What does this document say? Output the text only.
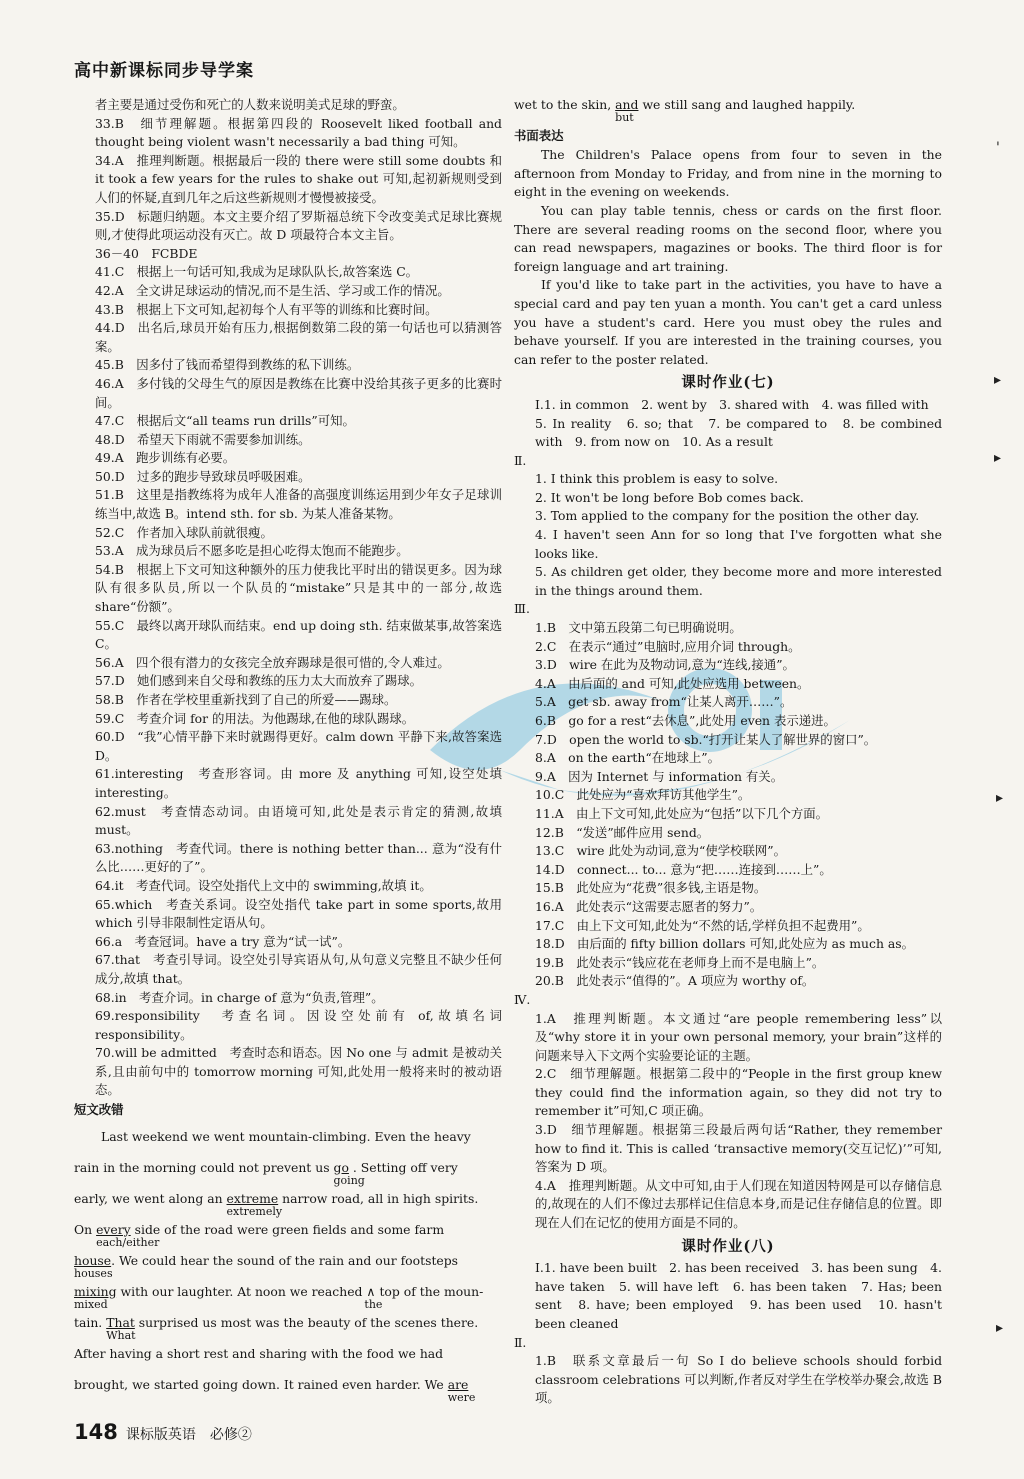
高中新课标同步导学案

者主要是通过受伤和死亡的人数来说明美式足球的野蛮。

33.B　细节理解题。根据第四段的 Roosevelt liked football and thought being violent wasn't necessarily a bad thing 可知。

34.A　推理判断题。根据最后一段的 there were still some doubts 和 it took a few years for the rules to shake out 可知,起初新规则受到人们的怀疑,直到几年之后这些新规则才慢慢被接受。

35.D　标题归纳题。本文主要介绍了罗斯福总统下令改变美式足球比赛规则,才使得此项运动没有灭亡。故 D 项最符合本文主旨。

36－40　FCBDE

41.C　根据上一句话可知,我成为足球队队长,故答案选 C。

42.A　全文讲足球运动的情况,而不是生活、学习或工作的情况。

43.B　根据上下文可知,起初每个人有平等的训练和比赛时间。

44.D　出名后,球员开始有压力,根据倒数第二段的第一句话也可以猜测答案。

45.B　因多付了钱而希望得到教练的私下训练。

46.A　多付钱的父母生气的原因是教练在比赛中没给其孩子更多的比赛时间。

47.C　根据后文“all teams run drills”可知。

48.D　希望天下雨就不需要参加训练。

49.A　跑步训练有必要。

50.D　过多的跑步导致球员呼吸困难。

51.B　这里是指教练将为成年人准备的高强度训练运用到少年女子足球训练当中,故选 B。intend sth. for sb. 为某人准备某物。

52.C　作者加入球队前就很瘦。

53.A　成为球员后不愿多吃是担心吃得太饱而不能跑步。

54.B　根据上下文可知这种额外的压力使我比平时出的错误更多。因为球队有很多队员,所以一个队员的“mistake”只是其中的一部分,故选 share“份额”。

55.C　最终以离开球队而结束。end up doing sth. 结束做某事,故答案选 C。

56.A　四个很有潜力的女孩完全放弃踢球是很可惜的,令人难过。

57.D　她们感到来自父母和教练的压力太大而放弃了踢球。

58.B　作者在学校里重新找到了自己的所爱——踢球。

59.C　考查介词 for 的用法。为他踢球,在他的球队踢球。

60.D　“我”心情平静下来时就踢得更好。calm down 平静下来,故答案选 D。

61.interesting　考查形容词。由 more 及 anything 可知,设空处填 interesting。

62.must　考查情态动词。由语境可知,此处是表示肯定的猜测,故填 must。

63.nothing　考查代词。there is nothing better than... 意为“没有什么比……更好的了”。

64.it　考查代词。设空处指代上文中的 swimming,故填 it。

65.which　考查关系词。设空处指代 take part in some sports,故用 which 引导非限制性定语从句。

66.a　考查冠词。have a try 意为“试一试”。

67.that　考查引导词。设空处引导宾语从句,从句意义完整且不缺少任何成分,故填 that。

68.in　考查介词。in charge of 意为“负责,管理”。

69.responsibility　考查名词。因设空处前有 of,故填名词 responsibility。

70.will be admitted　考查时态和语态。因 No one 与 admit 是被动关系,且由前句中的 tomorrow morning 可知,此处用一般将来时的被动语态。

短文改错

Last weekend we went mountain-climbing. Even the heavy

rain in the morning could not prevent us go
going
. Setting off very

early, we went along an extreme
extremely
narrow road, all in high spirits.

On every
each/either
side of the road were green fields and some farm

house
houses
. We could hear the sound of the rain and our footsteps

mixing
mixed
with our laughter. At noon we reached ∧
the
top of the moun-

tain. That
What
surprised us most was the beauty of the scenes there.

After having a short rest and sharing with the food we had

brought, we started going down. It rained even harder. We are
were

wet to the skin, and
but
we still sang and laughed happily.

书面表达

The Children's Palace opens from four to seven in the afternoon from Monday to Friday, and from nine in the morning to eight in the evening on weekends.

You can play table tennis, chess or cards on the first floor. There are several reading rooms on the second floor, where you can read newspapers, magazines or books. The third floor is for foreign language and art training.

If you'd like to take part in the activities, you have to have a special card and pay ten yuan a month. You can't get a card unless you have a student's card. Here you must obey the rules and behave yourself. If you are interested in the training courses, you can refer to the poster related.

课时作业(七)

Ⅰ.1. in common　2. went by　3. shared with　4. was filled with

5. In reality　6. so; that　7. be compared to　8. be combined with　9. from now on　10. As a result

Ⅱ.

1. I think this problem is easy to solve.

2. It won't be long before Bob comes back.

3. Tom applied to the company for the position the other day.

4. I haven't seen Ann for so long that I've forgotten what she looks like.

5. As children get older, they become more and more interested in the things around them.

Ⅲ.

1.B　文中第五段第二句已明确说明。

2.C　在表示“通过”电脑时,应用介词 through。

3.D　wire 在此为及物动词,意为“连线,接通”。

4.A　由后面的 and 可知,此处应选用 between。

5.A　get sb. away from“让某人离开……”。

6.B　go for a rest“去休息”,此处用 even 表示递进。

7.D　open the world to sb.“打开让某人了解世界的窗口”。

8.A　on the earth“在地球上”。

9.A　因为 Internet 与 information 有关。

10.C　此处应为“喜欢拜访其他学生”。

11.A　由上下文可知,此处应为“包括”以下几个方面。

12.B　“发送”邮件应用 send。

13.C　wire 此处为动词,意为“使学校联网”。

14.D　connect... to... 意为“把……连接到……上”。

15.B　此处应为“花费”很多钱,主语是物。

16.A　此处表示“这需要志愿者的努力”。

17.C　由上下文可知,此处为“不然的话,学样负担不起费用”。

18.D　由后面的 fifty billion dollars 可知,此处应为 as much as。

19.B　此处表示“钱应花在老师身上而不是电脑上”。

20.B　此处表示“值得的”。A 项应为 worthy of。

Ⅳ.

1.A　推理判断题。本文通过“are people remembering less”以及“why store it in your own personal memory, your brain”这样的问题来导入下文两个实验要论证的主题。

2.C　细节理解题。根据第二段中的“People in the first group knew they could find the information again, so they did not try to remember it”可知,C 项正确。

3.D　细节理解题。根据第三段最后两句话“Rather, they remember how to find it. This is called ‘transactive memory(交互记忆)’”可知,答案为 D 项。

4.A　推理判断题。从文中可知,由于人们现在知道因特网是可以存储信息的,故现在的人们不像过去那样记住信息本身,而是记住存储信息的位置。即现在人们在记忆的使用方面是不同的。

课时作业(八)

Ⅰ.1. have been built　2. has been received　3. has been sung　4. have taken　5. will have left　6. has been taken　7. Has; been sent　8. have; been employed　9. has been used　10. hasn't been cleaned

Ⅱ.

1.B　联系文章最后一句 So I do believe schools should forbid classroom celebrations 可以判断,作者反对学生在学校举办聚会,故选 B 项。

'
▸
▸
▸
▸
148 课标版英语　必修②
